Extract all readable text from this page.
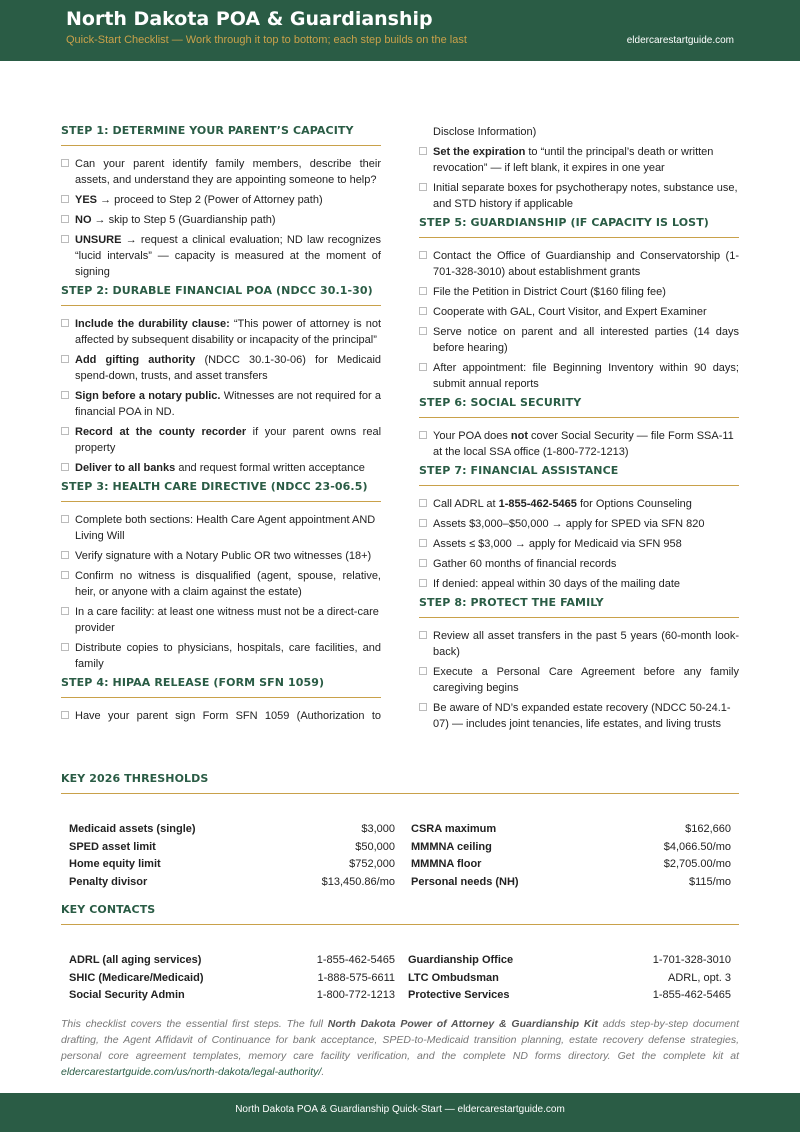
North Dakota POA & Guardianship
Quick-Start Checklist — Work through it top to bottom; each step builds on the last	eldercarestartguide.com
STEP 1: DETERMINE YOUR PARENT’S CAPACITY
Can your parent identify family members, describe their assets, and understand they are appointing someone to help?
YES → proceed to Step 2 (Power of Attorney path)
NO → skip to Step 5 (Guardianship path)
UNSURE → request a clinical evaluation; ND law recognizes “lucid intervals” — capacity is measured at the moment of signing
STEP 2: DURABLE FINANCIAL POA (NDCC 30.1-30)
Include the durability clause: “This power of attorney is not affected by subsequent disability or incapacity of the principal”
Add gifting authority (NDCC 30.1-30-06) for Medicaid spend-down, trusts, and asset transfers
Sign before a notary public. Witnesses are not required for a financial POA in ND.
Record at the county recorder if your parent owns real property
Deliver to all banks and request formal written acceptance
STEP 3: HEALTH CARE DIRECTIVE (NDCC 23-06.5)
Complete both sections: Health Care Agent appointment AND Living Will
Verify signature with a Notary Public OR two witnesses (18+)
Confirm no witness is disqualified (agent, spouse, relative, heir, or anyone with a claim against the estate)
In a care facility: at least one witness must not be a direct-care provider
Distribute copies to physicians, hospitals, care facilities, and family
STEP 4: HIPAA RELEASE (FORM SFN 1059)
Have your parent sign Form SFN 1059 (Authorization to
Disclose Information)
Set the expiration to “until the principal’s death or written revocation” — if left blank, it expires in one year
Initial separate boxes for psychotherapy notes, substance use, and STD history if applicable
STEP 5: GUARDIANSHIP (IF CAPACITY IS LOST)
Contact the Office of Guardianship and Conservatorship (1-701-328-3010) about establishment grants
File the Petition in District Court ($160 filing fee)
Cooperate with GAL, Court Visitor, and Expert Examiner
Serve notice on parent and all interested parties (14 days before hearing)
After appointment: file Beginning Inventory within 90 days; submit annual reports
STEP 6: SOCIAL SECURITY
Your POA does not cover Social Security — file Form SSA-11 at the local SSA office (1-800-772-1213)
STEP 7: FINANCIAL ASSISTANCE
Call ADRL at 1-855-462-5465 for Options Counseling
Assets $3,000–$50,000 → apply for SPED via SFN 820
Assets ≤ $3,000 → apply for Medicaid via SFN 958
Gather 60 months of financial records
If denied: appeal within 30 days of the mailing date
STEP 8: PROTECT THE FAMILY
Review all asset transfers in the past 5 years (60-month look-back)
Execute a Personal Care Agreement before any family caregiving begins
Be aware of ND’s expanded estate recovery (NDCC 50-24.1-07) — includes joint tenancies, life estates, and living trusts
KEY 2026 THRESHOLDS
Medicaid assets (single)	$3,000 CSRA maximum	$162,660
SPED asset limit	$50,000 MMMNA ceiling	$4,066.50/mo
Home equity limit	$752,000 MMMNA floor	$2,705.00/mo
Penalty divisor	$13,450.86/mo Personal needs (NH)	$115/mo
KEY CONTACTS
ADRL (all aging services)	1-855-462-5465 Guardianship Office	1-701-328-3010
SHIC (Medicare/Medicaid)	1-888-575-6611 LTC Ombudsman	ADRL, opt. 3
Social Security Admin	1-800-772-1213 Protective Services	1-855-462-5465
This checklist covers the essential first steps. The full North Dakota Power of Attorney & Guardianship Kit adds step-by-step document drafting, the Agent Affidavit of Continuance for bank acceptance, SPED-to-Medicaid transition planning, estate recovery defense strategies, personal core agreement templates, memory care facility verification, and the complete ND forms directory. Get the complete kit at eldercarestartguide.com/us/north-dakota/legal-authority/.
North Dakota POA & Guardianship Quick-Start — eldercarestartguide.com
